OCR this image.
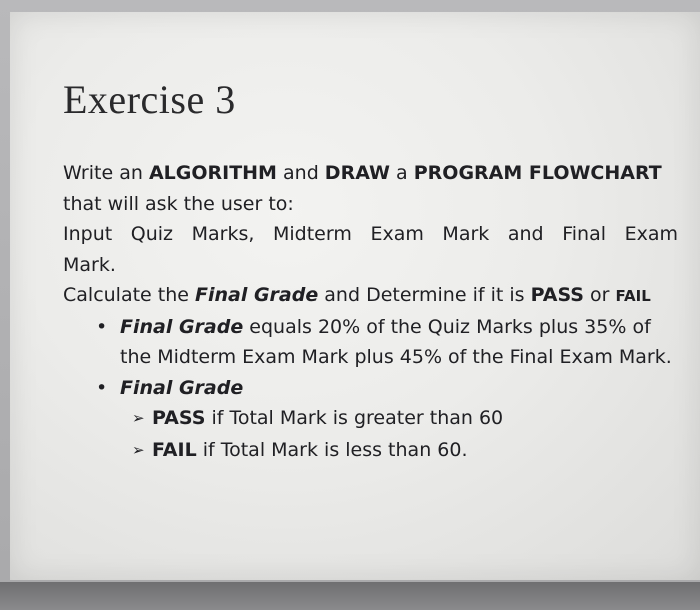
Exercise 3

Write an ALGORITHM and DRAW a PROGRAM FLOWCHART

that will ask the user to:

Input Quiz Marks, Midterm Exam Mark and Final Exam

Mark.

Calculate the Final Grade and Determine if it is PASS or FAIL

• Final Grade equals 20% of the Quiz Marks plus 35% of the Midterm Exam Mark plus 45% of the Final Exam Mark.
• Final Grade
➢ PASS if Total Mark is greater than 60
➢ FAIL if Total Mark is less than 60.
